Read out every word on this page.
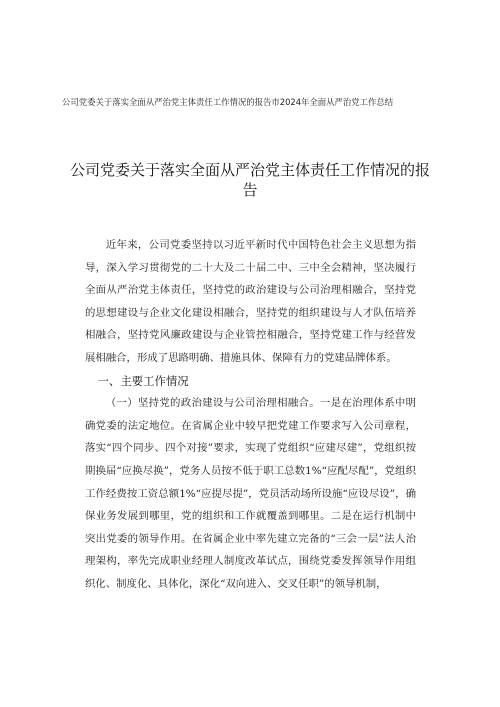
公司党委关于落实全面从严治党主体责任工作情况的报告市2024年全面从严治党工作总结
公司党委关于落实全面从严治党主体责任工作情况的报告

近年来，公司党委坚持以习近平新时代中国特色社会主义思想为指导，深入学习贯彻党的二十大及二十届二中、三中全会精神，坚决履行全面从严治党主体责任，坚持党的政治建设与公司治理相融合，坚持党的思想建设与企业文化建设相融合，坚持党的组织建设与人才队伍培养相融合，坚持党风廉政建设与企业管控相融合，坚持党建工作与经营发展相融合，形成了思路明确、措施具体、保障有力的党建品牌体系。

一、主要工作情况

（一）坚持党的政治建设与公司治理相融合。一是在治理体系中明确党委的法定地位。在省属企业中较早把党建工作要求写入公司章程，落实“四个同步、四个对接”要求，实现了党组织“应建尽建”，党组织按期换届“应换尽换”，党务人员按不低于职工总数1%“应配尽配”，党组织工作经费按工资总额1%“应提尽提”，党员活动场所设施“应设尽设”，确保业务发展到哪里，党的组织和工作就覆盖到哪里。二是在运行机制中突出党委的领导作用。在省属企业中率先建立完备的“三会一层”法人治理架构，率先完成职业经理人制度改革试点，围绕党委发挥领导作用组织化、制度化、具体化，深化“双向进入、交叉任职”的领导机制，
